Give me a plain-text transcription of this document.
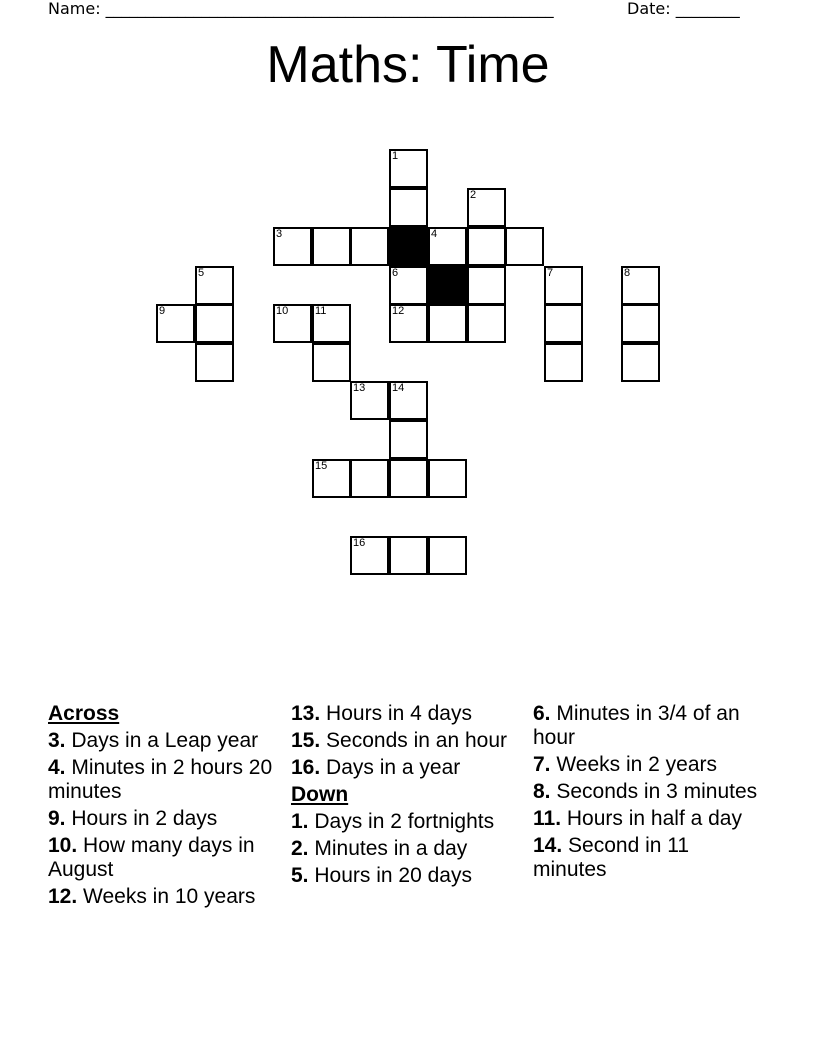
Name: ________________________________________________________	Date: ________
Maths: Time
1
2
3	4
5	6	7	8
9	10 11	12
13 14
15
16
Across
3. Days in a Leap year
4. Minutes in 2 hours 20 minutes
9. Hours in 2 days
10. How many days in August
12. Weeks in 10 years
13. Hours in 4 days
15. Seconds in an hour
16. Days in a year
Down
1. Days in 2 fortnights
2. Minutes in a day
5. Hours in 20 days
6. Minutes in 3/4 of an hour
7. Weeks in 2 years
8. Seconds in 3 minutes
11. Hours in half a day
14. Second in 11 minutes
